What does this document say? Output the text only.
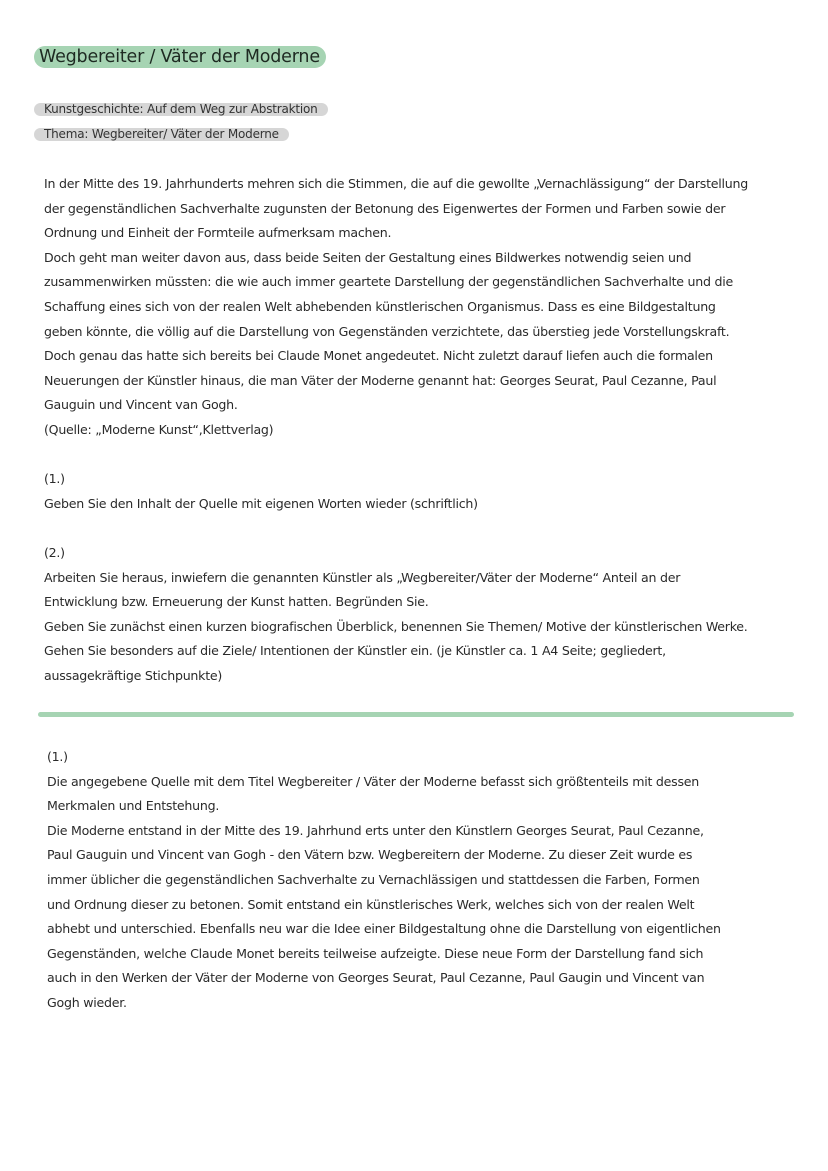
Wegbereiter / Väter der Moderne
Kunstgeschichte: Auf dem Weg zur Abstraktion
Thema: Wegbereiter/ Väter der Moderne
In der Mitte des 19. Jahrhunderts mehren sich die Stimmen, die auf die gewollte „Vernachlässigung“ der Darstellung
der gegenständlichen Sachverhalte zugunsten der Betonung des Eigenwertes der Formen und Farben sowie der
Ordnung und Einheit der Formteile aufmerksam machen.
Doch geht man weiter davon aus, dass beide Seiten der Gestaltung eines Bildwerkes notwendig seien und
zusammenwirken müssten: die wie auch immer geartete Darstellung der gegenständlichen Sachverhalte und die
Schaffung eines sich von der realen Welt abhebenden künstlerischen Organismus. Dass es eine Bildgestaltung
geben könnte, die völlig auf die Darstellung von Gegenständen verzichtete, das überstieg jede Vorstellungskraft.
Doch genau das hatte sich bereits bei Claude Monet angedeutet. Nicht zuletzt darauf liefen auch die formalen
Neuerungen der Künstler hinaus, die man Väter der Moderne genannt hat: Georges Seurat, Paul Cezanne, Paul
Gauguin und Vincent van Gogh.
(Quelle: „Moderne Kunst“,Klettverlag)
(1.)
Geben Sie den Inhalt der Quelle mit eigenen Worten wieder (schriftlich)
(2.)
Arbeiten Sie heraus, inwiefern die genannten Künstler als „Wegbereiter/Väter der Moderne“ Anteil an der
Entwicklung bzw. Erneuerung der Kunst hatten. Begründen Sie.
Geben Sie zunächst einen kurzen biografischen Überblick, benennen Sie Themen/ Motive der künstlerischen Werke.
Gehen Sie besonders auf die Ziele/ Intentionen der Künstler ein. (je Künstler ca. 1 A4 Seite; gegliedert,
aussagekräftige Stichpunkte)
(1.)
Die angegebene Quelle mit dem Titel Wegbereiter / Väter der Moderne befasst sich größtenteils mit dessen
Merkmalen und Entstehung.
Die Moderne entstand in der Mitte des 19. Jahrhund erts unter den Künstlern Georges Seurat, Paul Cezanne,
Paul Gauguin und Vincent van Gogh - den Vätern bzw. Wegbereitern der Moderne. Zu dieser Zeit wurde es
immer üblicher die gegenständlichen Sachverhalte zu Vernachlässigen und stattdessen die Farben, Formen
und Ordnung dieser zu betonen. Somit entstand ein künstlerisches Werk, welches sich von der realen Welt
abhebt und unterschied. Ebenfalls neu war die Idee einer Bildgestaltung ohne die Darstellung von eigentlichen
Gegenständen, welche Claude Monet bereits teilweise aufzeigte. Diese neue Form der Darstellung fand sich
auch in den Werken der Väter der Moderne von Georges Seurat, Paul Cezanne, Paul Gaugin und Vincent van
Gogh wieder.
